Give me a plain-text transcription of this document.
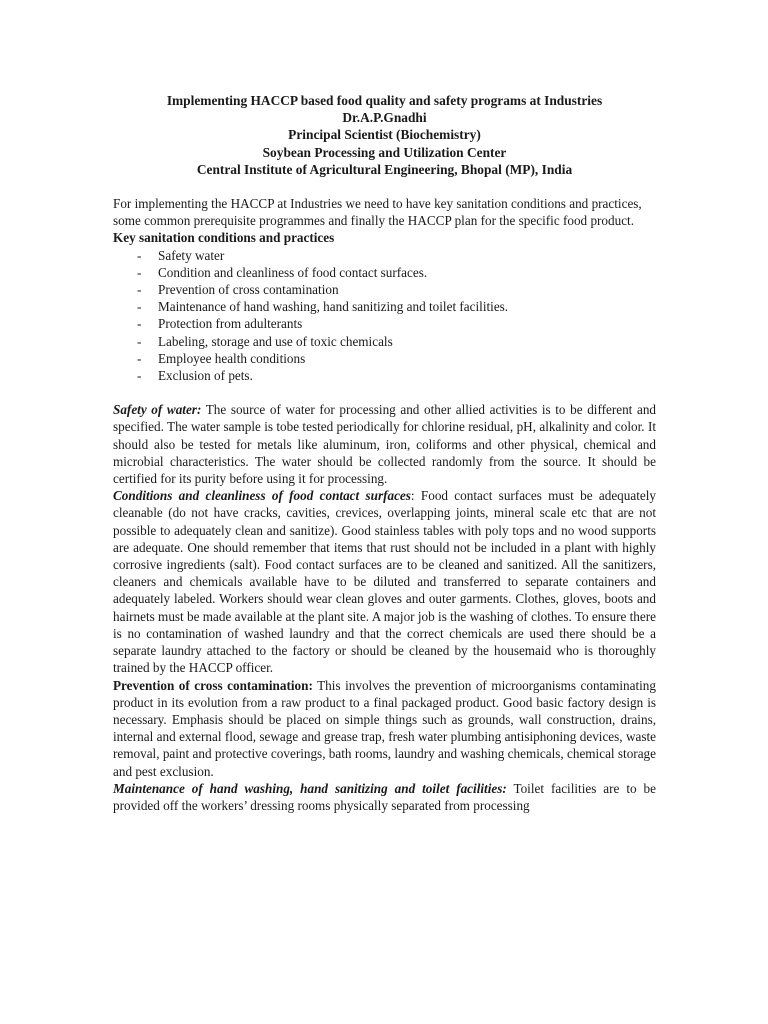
Implementing HACCP based food quality and safety programs at Industries
Dr.A.P.Gnadhi
Principal Scientist (Biochemistry)
Soybean Processing and Utilization Center
Central Institute of Agricultural Engineering, Bhopal (MP), India
For implementing the HACCP at Industries we need to have key sanitation conditions and practices, some common prerequisite programmes and finally the HACCP plan for the specific food product.
Key sanitation conditions and practices
- Safety water
- Condition and cleanliness of food contact surfaces.
- Prevention of cross contamination
- Maintenance of hand washing, hand sanitizing and toilet facilities.
- Protection from adulterants
- Labeling, storage and use of toxic chemicals
- Employee health conditions
- Exclusion of pets.
Safety of water: The source of water for processing and other allied activities is to be different and specified. The water sample is tobe tested periodically for chlorine residual, pH, alkalinity and color. It should also be tested for metals like aluminum, iron, coliforms and other physical, chemical and microbial characteristics. The water should be collected randomly from the source. It should be certified for its purity before using it for processing.
Conditions and cleanliness of food contact surfaces: Food contact surfaces must be adequately cleanable (do not have cracks, cavities, crevices, overlapping joints, mineral scale etc that are not possible to adequately clean and sanitize). Good stainless tables with poly tops and no wood supports are adequate. One should remember that items that rust should not be included in a plant with highly corrosive ingredients (salt). Food contact surfaces are to be cleaned and sanitized. All the sanitizers, cleaners and chemicals available have to be diluted and transferred to separate containers and adequately labeled. Workers should wear clean gloves and outer garments. Clothes, gloves, boots and hairnets must be made available at the plant site. A major job is the washing of clothes. To ensure there is no contamination of washed laundry and that the correct chemicals are used there should be a separate laundry attached to the factory or should be cleaned by the housemaid who is thoroughly trained by the HACCP officer.
Prevention of cross contamination: This involves the prevention of microorganisms contaminating product in its evolution from a raw product to a final packaged product. Good basic factory design is necessary. Emphasis should be placed on simple things such as grounds, wall construction, drains, internal and external flood, sewage and grease trap, fresh water plumbing antisiphoning devices, waste removal, paint and protective coverings, bath rooms, laundry and washing chemicals, chemical storage and pest exclusion.
Maintenance of hand washing, hand sanitizing and toilet facilities: Toilet facilities are to be provided off the workers’ dressing rooms physically separated from processing
